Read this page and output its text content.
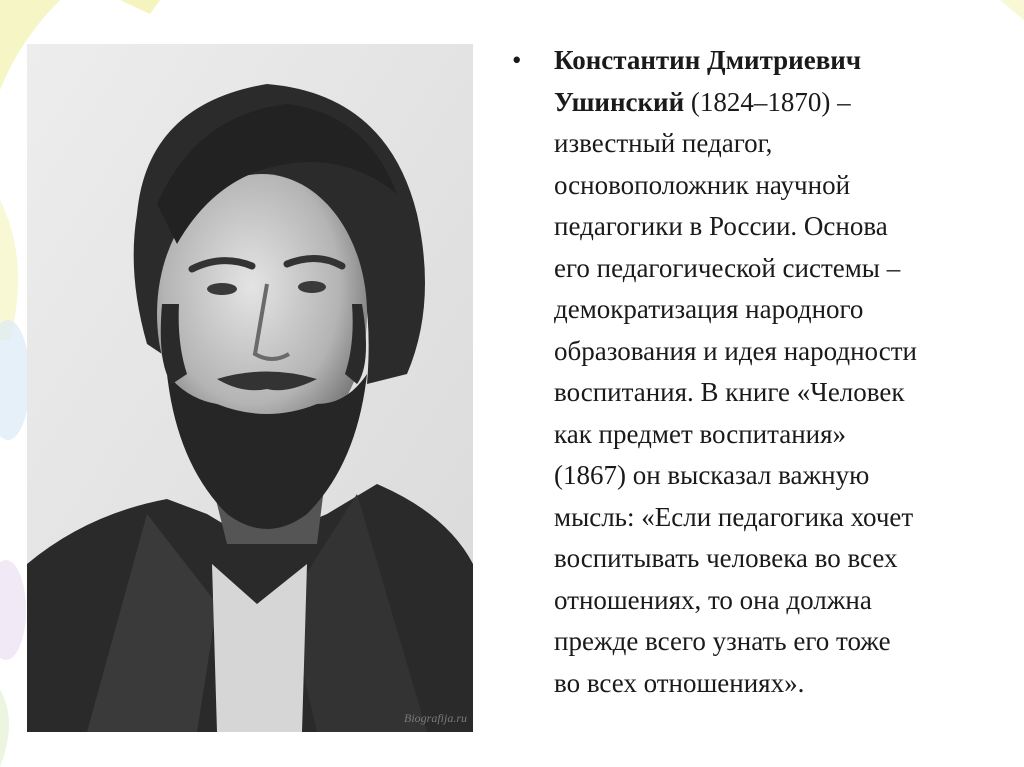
Biografija.ru
•	Константин Дмитриевич
Ушинский (1824–1870) –
известный педагог,
основоположник научной
педагогики в России. Основа
его педагогической системы –
демократизация народного
образования и идея народности
воспитания. В книге «Человек
как предмет воспитания»
(1867) он высказал важную
мысль: «Если педагогика хочет
воспитывать человека во всех
отношениях, то она должна
прежде всего узнать его тоже
во всех отношениях».
